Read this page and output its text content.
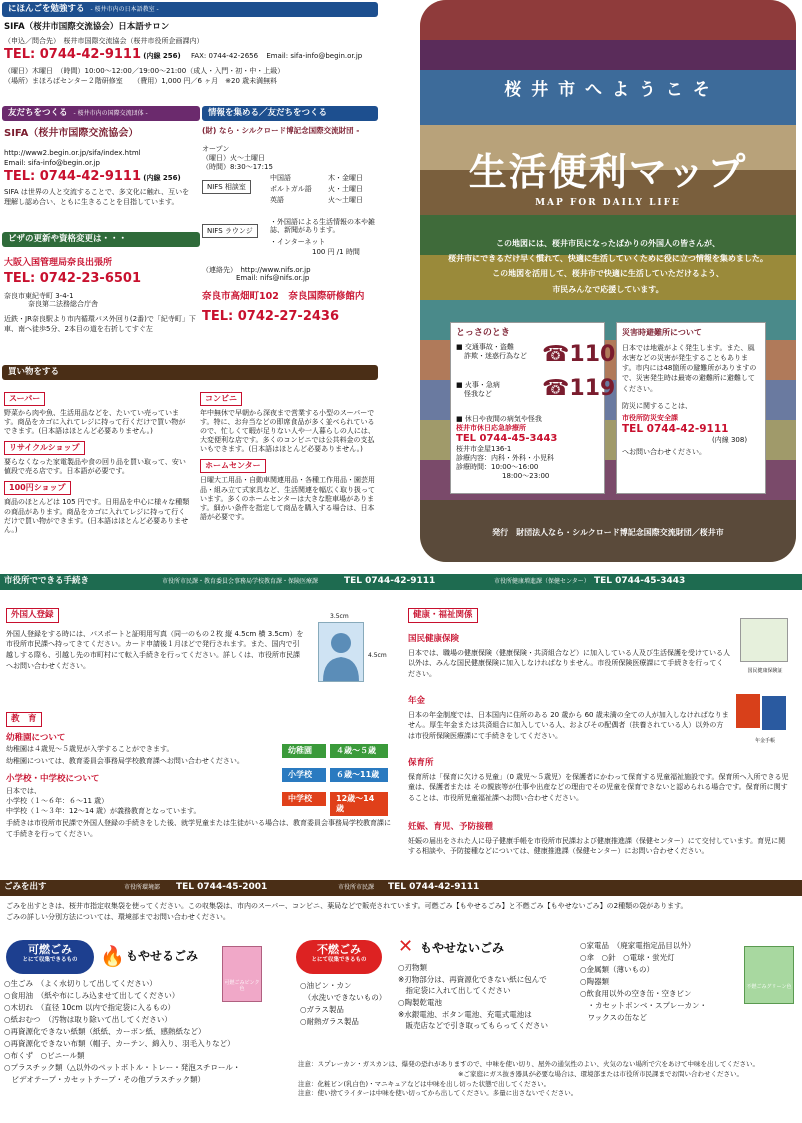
にほんごを勉強する - 桜井市内の日本語教室 -
SIFA（桜井市国際交流協会）日本語サロン
（申込／問合先）　桜井市国際交流協会（桜井市役所企画課内）
TEL: 0744-42-9111 (内線 256) FAX: 0744-42-2656 Email: sifa-info@begin.or.jp
（曜日）木曜日　（時間）10:00～12:00／19:00～21:00（成人・入門・初・中・上級）
（場所）まほろばセンター２階研修室　　（費用）1,000 円／6 ヶ月　※20 歳未満無料
友だちをつくる - 桜井市内の国際交流団体 -
SIFA（桜井市国際交流協会）
http://www2.begin.or.jp/sifa/index.html
Email: sifa-info@begin.or.jp
TEL: 0744-42-9111 (内線 256)
SIFA は世界の人と交流することで、多文化に触れ、互いを理解し認め合い、ともに生きることを目指しています。
情報を集める／友だちをつくる
(財) なら・シルクロード博記念国際交流財団 -
オープン
（曜日）火～土曜日
（時間）8:30～17:15
NIFS 相談室
中国語	木・金曜日
ポルトガル語 火・土曜日
英語	火～土曜日
NIFS ラウンジ
・外国語による生活情報の本や雑誌、新聞があります。
・インターネット
100 円 /1 時間
（連絡先）　http://www.nifs.or.jp
Email: nifs@nifs.or.jp
奈良市高畑町102　奈良国際研修館内
TEL: 0742-27-2436
ビザの更新や資格変更は・・・
大阪入国管理局奈良出張所
TEL: 0742-23-6501
奈良市東紀寺町 3-4-1
奈良第二法務総合庁舎
近鉄・JR奈良駅より市内循環バス外回り(2番)で「紀寺町」下車、南へ徒歩5分、2本目の道を右折してすぐ左
買い物をする
スーパー
野菜から肉や魚、生活用品などを、たいてい売っています。商品をカゴに入れてレジに持って行くだけで買い物ができます。(日本語はほとんど必要ありません。)
リサイクルショップ
要らなくなった家電製品や食の回り品を買い取って、安い値段で売る店です。日本語が必要です。
100円ショップ
商品のほとんどは 105 円です。日用品を中心に様々な種類の商品があります。商品をカゴに入れてレジに持って行くだけで買い物ができます。(日本語はほとんど必要ありません。)
コンビニ
年中無休で早朝から深夜まで営業する小型のスーパーです。特に、お弁当などの即席食品が多く並べられているので、忙しくて暇が足りない人や一人暮らしの人には、大変便利な店です。多くのコンビニでは公共料金の支払いもできます。(日本語はほとんど必要ありません。)
ホームセンター
日曜大工用品・自動車関連用品・各種工作用品・園芸用品・組み立て式家具など、生活関連を幅広く取り扱っています。多くのホームセンターは大きな駐車場があります。細かい条件を指定して商品を購入する場合は、日本語が必要です。
桜 井 市 へ よ う こ そ
生活便利マップ
MAP FOR DAILY LIFE
この地図には、桜井市民になったばかりの外国人の皆さんが、
桜井市にできるだけ早く慣れて、快適に生活していくために役に立つ情報を集めました。
この地図を活用して、桜井市で快適に生活していただけるよう、
市民みんなで応援しています。
とっさのとき
■ 交通事故・盗難
詐欺・迷惑行為など ☎110
■ 火事・急病
怪我など	☎119
■ 休日や夜間の病気や怪我
桜井市休日応急診療所
TEL 0744-45-3443
桜井市金屋136-1
診療内容：内科・外科・小児科
診療時間：10:00～16:00
18:00～23:00
災害時避難所について
日本では地震がよく発生します。また、風水害などの災害が発生することもあります。市内には48箇所の避難所がありますので、災害発生時は最寄の避難所に避難してください。
防災に関することは、
市役所防災安全課
TEL 0744-42-9111
(内線 308)
へお問い合わせください。
発行　財団法人なら・シルクロード博記念国際交流財団／桜井市
市役所でできる手続き	市役所市民課・教育委員会事務局学校教育課・保険医療課	TEL 0744-42-9111	市役所健康増進課（保健センター） TEL 0744-45-3443
外国人登録
外国人登録をする時には、パスポートと証明用写真（同一のもの２枚 縦 4.5cm 横 3.5cm）を市役所市民課へ持ってきてください。カード申請後１月ほどで発行されます。また、国内で引越しする際も、引越し先の市町村にて転入手続きを行ってください。詳しくは、市役所市民課へお問い合わせください。
3.5cm
4.5cm
教　育
幼稚園について
幼稚園は４歳児～５歳児が入学することができます。
幼稚園については、教育委員会事務局学校教育課へお問い合わせください。
小学校・中学校について
日本では、
小学校（１～６年：６～11 歳）
中学校（１～３年：12～14 歳）が義務教育となっています。
手続きは市役所市民課で外国人登録の手続きをした後、就学児童または生徒がいる場合は、教育委員会事務局学校教育課にて手続きを行ってください。
幼稚園	４歳～５歳
小学校	６歳～11歳
中学校	12歳～14歳
健康・福祉関係
国民健康保険
日本では、職場の健康保険（健康保険・共済組合など）に加入している人及び生活保護を受けている人以外は、みんな国民健康保険に加入しなければなりません。市役所保険医療課にて手続きを行ってください。	国民健康保険証
年金
日本の年金制度では、日本国内に住所のある 20 歳から 60 歳未満の全ての人が加入しなければなりません。厚生年金または共済組合に加入している人、およびその配偶者（扶養されている人）以外の方は市役所保険医療課にて手続きをしてください。
年金手帳
保育所
保育所は「保育に欠ける児童」（0 歳児～５歳児）を保護者にかわって保育する児童福祉施設です。保育所へ入所できる児童は、保護者または その親族等が仕事や出産などの理由でその児童を保育できないと認められる場合です。保育所に関することは、市役所児童福祉課へお問い合わせください。
妊娠、育児、予防接種
妊娠の届出をされた人に母子健康手帳を市役所市民課および健康推進課（保健センター）にて交付しています。育児に関する相談や、予防接種などについては、健康推進課（保健センター）にお問い合わせください。
ごみを出す	市役所環境部 TEL 0744-45-2001	市役所市民課 TEL 0744-42-9111
ごみを出すときは、桜井市指定収集袋を使ってください。この収集袋は、市内のスーパー、コンビニ、薬局などで販売されています。可燃ごみ【もやせるごみ】と不燃ごみ【もやせないごみ】の2種類の袋があります。
ごみの詳しい分別方法については、環境部までお問い合わせください。
可燃ごみ
とにて収集できるもの	🔥 もやせるごみ
○生ごみ　（よく水切りして出してください）
○食用油　（紙や布にしみ込ませて出してください）
○木切れ　（直径 10cm 以内で指定袋に入るもの）
○紙おむつ　（汚物は取り除いて出してください）
○再資源化できない紙類（紙紙、カーボン紙、感熱紙など）
○再資源化できない布類（帽子、カーテン、綿入り、羽毛入りなど）
○布くず　○ビニール類
○プラスチック類（△以外のペットボトル・トレー・発泡スチロール・
　ビデオテープ・カセットテープ・その他プラスチック類）
可燃ごみピンク色
不燃ごみ
とにて収集できるもの
○油ビン・カン
　（水洗いできないもの）
○ガラス製品
○耐熱ガラス製品
✕ もやせないごみ
○刃物類
※刃物部分は、再資源化できない紙に包んで
　指定袋に入れて出してください
○陶製乾電池
※水銀電池、ボタン電池、充電式電池は
　販売店などで引き取ってもらってください
○家電品　（廃家電指定品目以外）
○傘　○針　○電球・蛍光灯
○金属類（薄いもの）
○陶器類
○飲食用以外の空き缶・空きビン
　・カセットボンベ・スプレーカン・
　ワックスの缶など
不燃ごみグリーン色
注意：スプレーカン・ガスカンは、爆発の恐れがありますので、中味を使い切り、屋外の通気性のよい、火気のない場所で穴をあけて中味を出してください。
※ご家庭にガス抜き器具が必要な場合は、環境部または市役所市民課までお問い合わせください。
注意：化粧ビン(乳白色)・マニキュアなどは中味を出し切った状態で出してください。
注意：使い捨てライターは中味を使い切ってから出してください。多量に出さないでください。
